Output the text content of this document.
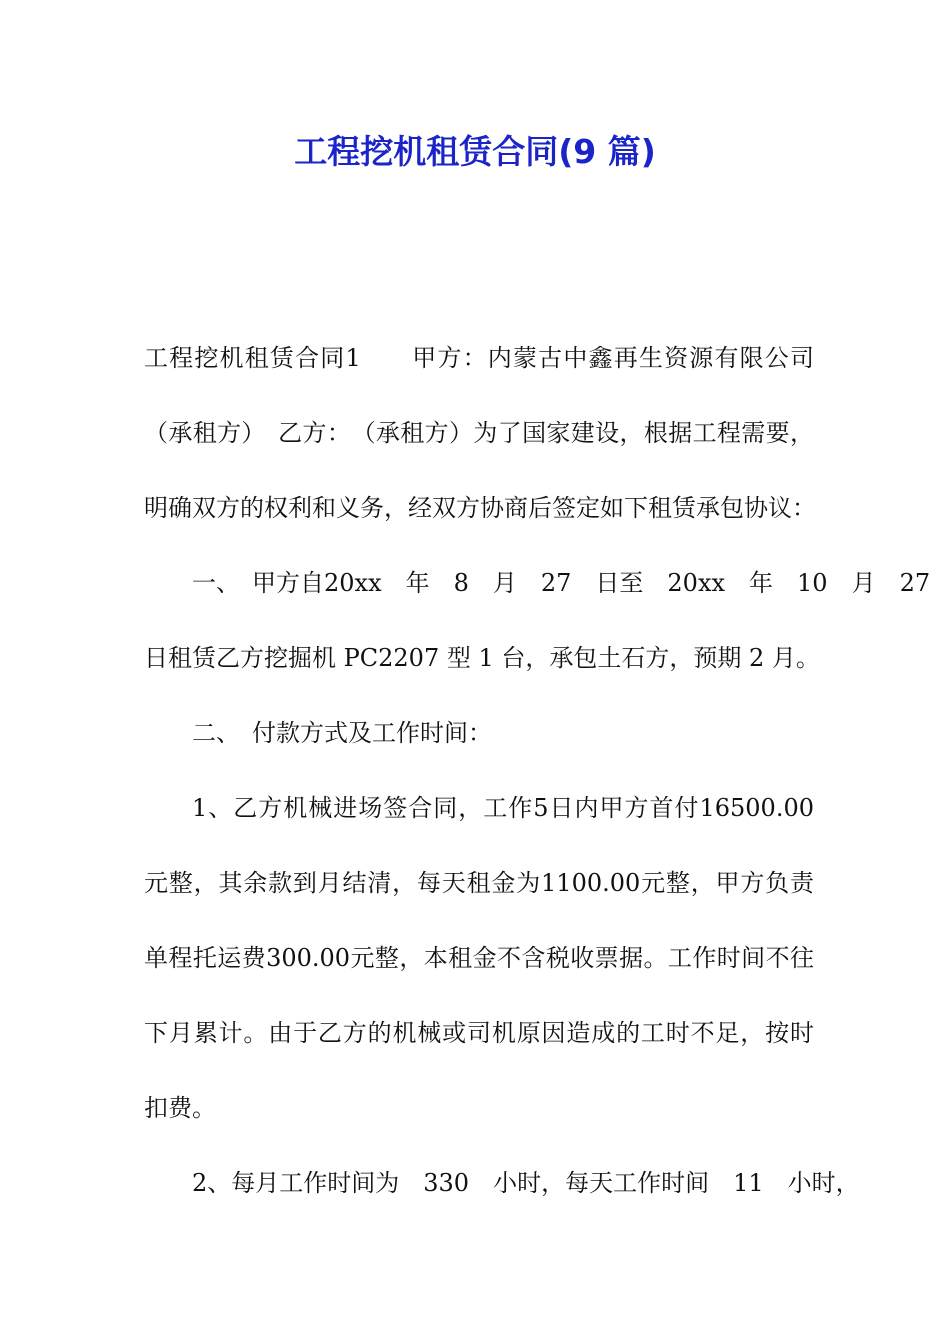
工程挖机租赁合同(9 篇)

工程挖机租赁合同1　　甲方：内蒙古中鑫再生资源有限公司

（承租方）　乙方：　（承租方）为了国家建设，根据工程需要，

明确双方的权利和义务，经双方协商后签定如下租赁承包协议：

一、　甲方自20xx　年　8　月　27　日至　20xx　年　10　月　27

日租赁乙方挖掘机 PC2207 型 1 台，承包土石方，预期 2 月。

二、　付款方式及工作时间：

1、乙方机械进场签合同，工作5日内甲方首付16500.00

元整，其余款到月结清，每天租金为1100.00元整，甲方负责

单程托运费300.00元整，本租金不含税收票据。工作时间不往

下月累计。由于乙方的机械或司机原因造成的工时不足，按时

扣费。

2、每月工作时间为　330　小时，每天工作时间　11　小时，
